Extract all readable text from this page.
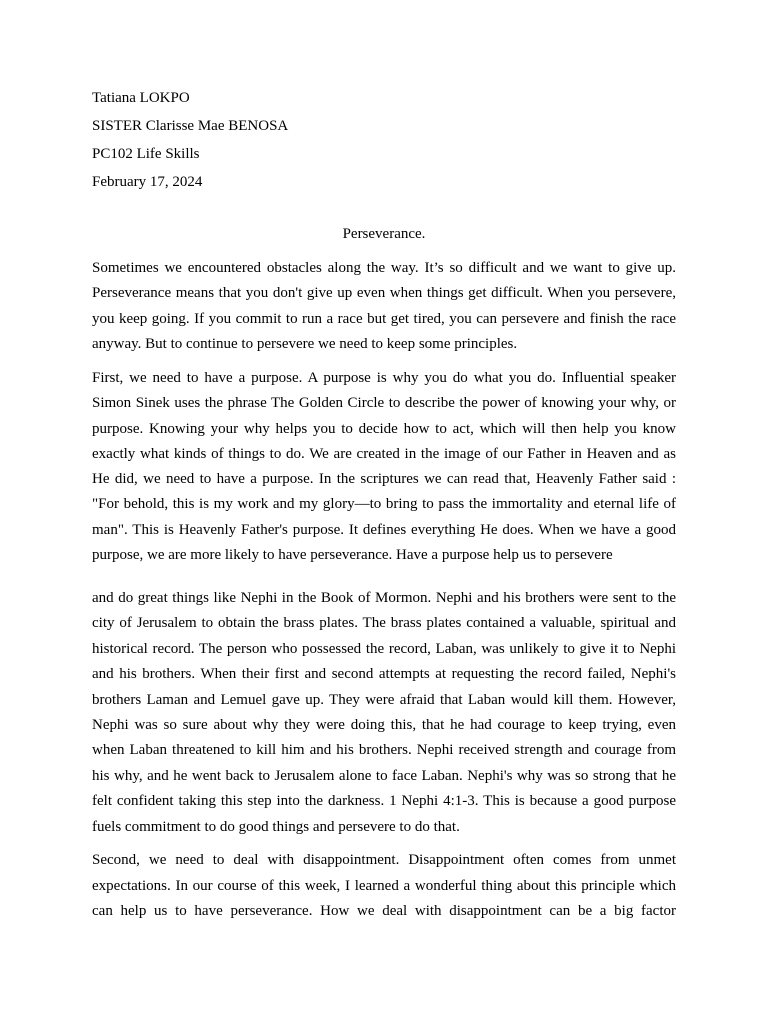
Tatiana LOKPO
SISTER Clarisse Mae BENOSA
PC102 Life Skills
February 17, 2024
Perseverance.

Sometimes we encountered obstacles along the way. It’s so difficult and we want to give up. Perseverance means that you don't give up even when things get difficult. When you persevere, you keep going. If you commit to run a race but get tired, you can persevere and finish the race anyway. But to continue to persevere we need to keep some principles.

First, we need to have a purpose. A purpose is why you do what you do. Influential speaker Simon Sinek uses the phrase The Golden Circle to describe the power of knowing your why, or purpose. Knowing your why helps you to decide how to act, which will then help you know exactly what kinds of things to do. We are created in the image of our Father in Heaven and as He did, we need to have a purpose. In the scriptures we can read that, Heavenly Father said : "For behold, this is my work and my glory—to bring to pass the immortality and eternal life of man". This is Heavenly Father's purpose. It defines everything He does. When we have a good purpose, we are more likely to have perseverance. Have a purpose help us to persevere

and do great things like Nephi in the Book of Mormon. Nephi and his brothers were sent to the city of Jerusalem to obtain the brass plates. The brass plates contained a valuable, spiritual and historical record. The person who possessed the record, Laban, was unlikely to give it to Nephi and his brothers. When their first and second attempts at requesting the record failed, Nephi's brothers Laman and Lemuel gave up. They were afraid that Laban would kill them. However, Nephi was so sure about why they were doing this, that he had courage to keep trying, even when Laban threatened to kill him and his brothers. Nephi received strength and courage from his why, and he went back to Jerusalem alone to face Laban. Nephi's why was so strong that he felt confident taking this step into the darkness. 1 Nephi 4:1-3. This is because a good purpose fuels commitment to do good things and persevere to do that.

Second, we need to deal with disappointment. Disappointment often comes from unmet expectations. In our course of this week, I learned a wonderful thing about this principle which can help us to have perseverance. How we deal with disappointment can be a big factor
